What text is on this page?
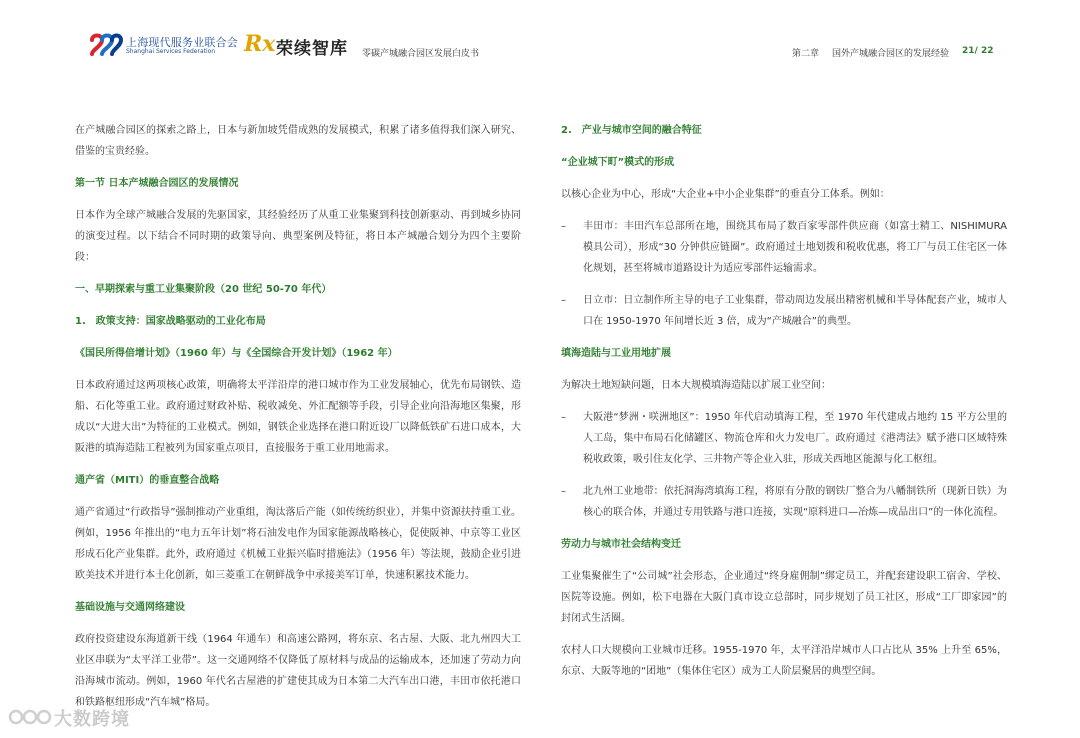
上海现代服务业联合会
Shanghai Services Federation Rx 荣续智库 零碳产城融合园区发展白皮书	第二章 国外产城融合园区的发展经验 21/ 22

在产城融合园区的探索之路上，日本与新加坡凭借成熟的发展模式，积累了诸多值得我们深入研究、借鉴的宝贵经验。

第一节 日本产城融合园区的发展情况

日本作为全球产城融合发展的先驱国家，其经验经历了从重工业集聚到科技创新驱动、再到城乡协同的演变过程。以下结合不同时期的政策导向、典型案例及特征，将日本产城融合划分为四个主要阶段：

一、早期探索与重工业集聚阶段（20 世纪 50-70 年代）

1.　政策支持：国家战略驱动的工业化布局

《国民所得倍增计划》（1960 年）与《全国综合开发计划》（1962 年）

日本政府通过这两项核心政策，明确将太平洋沿岸的港口城市作为工业发展轴心，优先布局钢铁、造船、石化等重工业。政府通过财政补贴、税收减免、外汇配额等手段，引导企业向沿海地区集聚，形成以“大进大出”为特征的工业模式。例如，钢铁企业选择在港口附近设厂以降低铁矿石进口成本，大阪港的填海造陆工程被列为国家重点项目，直接服务于重工业用地需求。

通产省（MITI）的垂直整合战略

通产省通过“行政指导”强制推动产业重组，淘汰落后产能（如传统纺织业），并集中资源扶持重工业。例如，1956 年推出的“电力五年计划”将石油发电作为国家能源战略核心，促使阪神、中京等工业区形成石化产业集群。此外，政府通过《机械工业振兴临时措施法》（1956 年）等法规，鼓励企业引进欧美技术并进行本土化创新，如三菱重工在朝鲜战争中承接美军订单，快速积累技术能力。

基础设施与交通网络建设

政府投资建设东海道新干线（1964 年通车）和高速公路网，将东京、名古屋、大阪、北九州四大工业区串联为“太平洋工业带”。这一交通网络不仅降低了原材料与成品的运输成本，还加速了劳动力向沿海城市流动。例如，1960 年代名古屋港的扩建使其成为日本第二大汽车出口港，丰田市依托港口和铁路枢纽形成“汽车城”格局。

2.　产业与城市空间的融合特征

“企业城下町”模式的形成

以核心企业为中心，形成“大企业+中小企业集群”的垂直分工体系。例如：

– 丰田市：丰田汽车总部所在地，围绕其布局了数百家零部件供应商（如富士精工、NISHIMURA 模具公司），形成“30 分钟供应链圈”。政府通过土地划拨和税收优惠，将工厂与员工住宅区一体化规划，甚至将城市道路设计为适应零部件运输需求。

– 日立市：日立制作所主导的电子工业集群，带动周边发展出精密机械和半导体配套产业，城市人口在 1950-1970 年间增长近 3 倍，成为“产城融合”的典型。

填海造陆与工业用地扩展

为解决土地短缺问题，日本大规模填海造陆以扩展工业空间：

– 大阪港“梦洲・咲洲地区”：1950 年代启动填海工程，至 1970 年代建成占地约 15 平方公里的人工岛，集中布局石化储罐区、物流仓库和火力发电厂。政府通过《港湾法》赋予港口区域特殊税收政策，吸引住友化学、三井物产等企业入驻，形成关西地区能源与化工枢纽。

– 北九州工业地带：依托洞海湾填海工程，将原有分散的钢铁厂整合为八幡制铁所（现新日铁）为核心的联合体，并通过专用铁路与港口连接，实现“原料进口—冶炼—成品出口”的一体化流程。

劳动力与城市社会结构变迁

工业集聚催生了“公司城”社会形态，企业通过“终身雇佣制”绑定员工，并配套建设职工宿舍、学校、医院等设施。例如，松下电器在大阪门真市设立总部时，同步规划了员工社区，形成“工厂即家园”的封闭式生活圈。

农村人口大规模向工业城市迁移。1955-1970 年，太平洋沿岸城市人口占比从 35% 上升至 65%，东京、大阪等地的“团地”（集体住宅区）成为工人阶层聚居的典型空间。

大数跨境
